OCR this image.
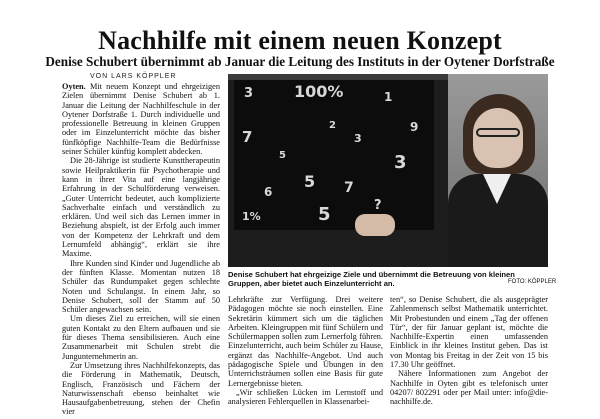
Nachhilfe mit einem neuen Konzept
Denise Schubert übernimmt ab Januar die Leitung des Instituts in der Oytener Dorfstraße
VON LARS KÖPPLER

Oyten. Mit neuem Konzept und ehrgeizigen Zielen übernimmt Denise Schubert ab 1. Januar die Leitung der Nachhilfeschule in der Oytener Dorfstraße 1. Durch individuelle und professionelle Betreuung in kleinen Gruppen oder im Einzelunterricht möchte das bisher fünfköpfige Nachhilfe-Team die Bedürfnisse seiner Schüler künftig komplett abdecken.

Die 28-Jährige ist studierte Kunsttherapeutin sowie Heilpraktikerin für Psychotherapie und kann in ihrer Vita auf eine langjährige Erfahrung in der Schulförderung verweisen. „Guter Unterricht bedeutet, auch komplizierte Sachverhalte einfach und verständlich zu erklären. Und weil sich das Lernen immer in Beziehung abspielt, ist der Erfolg auch immer von der Kompetenz der Lehrkraft und dem Lernumfeld abhängig“, erklärt sie ihre Maxime.

Ihre Kunden sind Kinder und Jugendliche ab der fünften Klasse. Momentan nutzen 18 Schüler das Rundumpaket gegen schlechte Noten und Schulangst. In einem Jahr, so Denise Schubert, soll der Stamm auf 50 Schüler angewachsen sein.

Um dieses Ziel zu erreichen, will sie einen guten Kontakt zu den Eltern aufbauen und sie für dieses Thema sensibilisieren. Auch eine Zusammenarbeit mit Schulen strebt die Jungunternehmerin an.

Zur Umsetzung ihres Nachhilfekonzepts, das die Förderung in Mathematik, Deutsch, Englisch, Französisch und Fächern der Naturwissenschaft ebenso beinhaltet wie Hausaufgabenbetreuung, stehen der Chefin vier

3	100%	1
7	3
3
5 7
6
?
5
1%
9
2
5
Denise Schubert hat ehrgeizige Ziele und übernimmt die Betreuung von kleinen Gruppen, aber bietet auch Einzelunterricht an.	FOTO: KÖPPLER

Lehrkräfte zur Verfügung. Drei weitere Pädagogen möchte sie noch einstellen. Eine Sekretärin kümmert sich um die täglichen Arbeiten. Kleingruppen mit fünf Schülern und Schülermappen sollen zum Lernerfolg führen. Einzelunterricht, auch beim Schüler zu Hause, ergänzt das Nachhilfe-Angebot. Und auch pädagogische Spiele und Übungen in den Unterrichsträumen sollen eine Basis für gute Lernergebnisse bieten.

„Wir schließen Lücken im Lernstoff und analysieren Fehlerquellen in Klassenarbei-

ten“, so Denise Schubert, die als ausgeprägter Zahlenmensch selbst Mathematik unterrichtet. Mit Probestunden und einem „Tag der offenen Tür“, der für Januar geplant ist, möchte die Nachhilfe-Expertin einen umfassenden Einblick in ihr kleines Institut geben. Das ist von Montag bis Freitag in der Zeit von 15 bis 17.30 Uhr geöffnet.

Nähere Informationen zum Angebot der Nachhilfe in Oyten gibt es telefonisch unter 04207/ 802291 oder per Mail unter: info@die-nachhilfe.de.
